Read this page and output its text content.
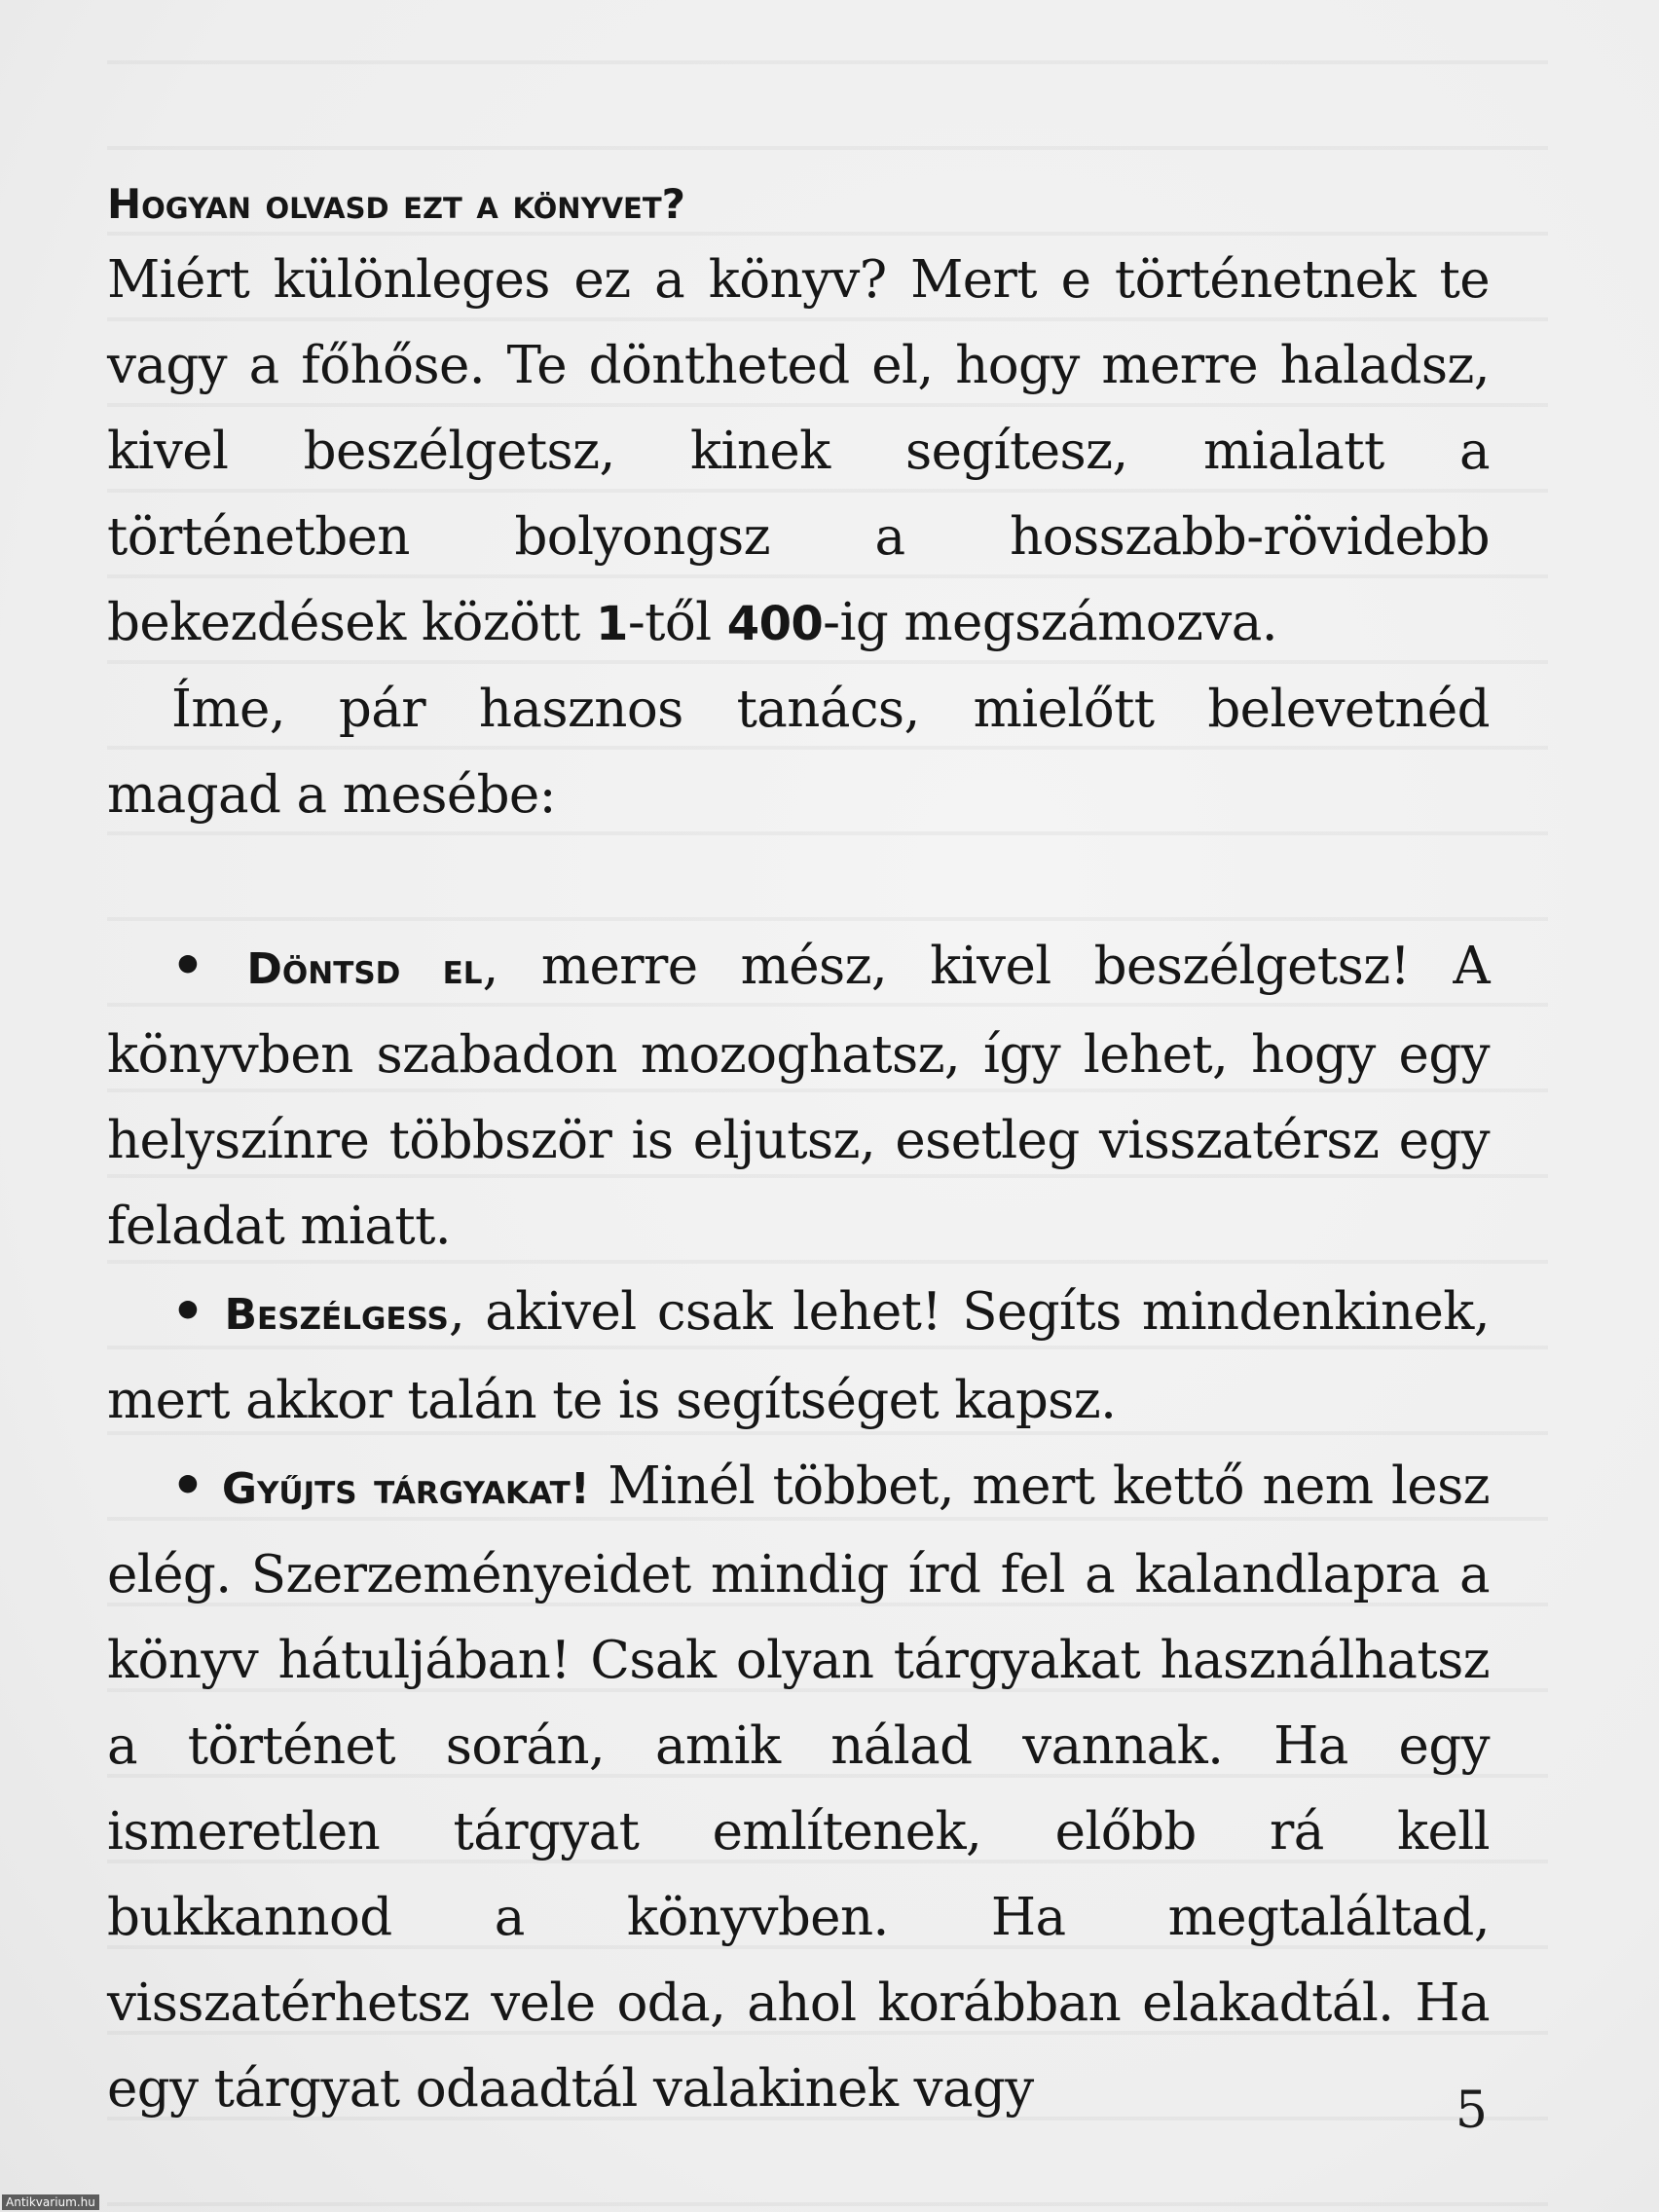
Hogyan olvasd ezt a könyvet?

Miért különleges ez a könyv? Mert e történetnek te vagy a főhőse. Te döntheted el, hogy merre haladsz, kivel beszélgetsz, kinek segítesz, mialatt a történetben bolyongsz a hosszabb-rövidebb bekezdések között 1-től 400-ig megszámozva.

Íme, pár hasznos tanács, mielőtt belevetnéd magad a mesébe:

• Döntsd el, merre mész, kivel beszélgetsz! A könyvben szabadon mozoghatsz, így lehet, hogy egy helyszínre többször is eljutsz, esetleg visszatérsz egy feladat miatt.

• Beszélgess, akivel csak lehet! Segíts mindenkinek, mert akkor talán te is segítséget kapsz.

• Gyűjts tárgyakat! Minél többet, mert kettő nem lesz elég. Szerzeményeidet mindig írd fel a kalandlapra a könyv hátuljában! Csak olyan tárgyakat használhatsz a történet során, amik nálad vannak. Ha egy ismeretlen tárgyat említenek, előbb rá kell bukkannod a könyvben. Ha megtaláltad, visszatérhetsz vele oda, ahol korábban elakadtál. Ha egy tárgyat odaadtál valakinek vagy	5
Antikvarium.hu
